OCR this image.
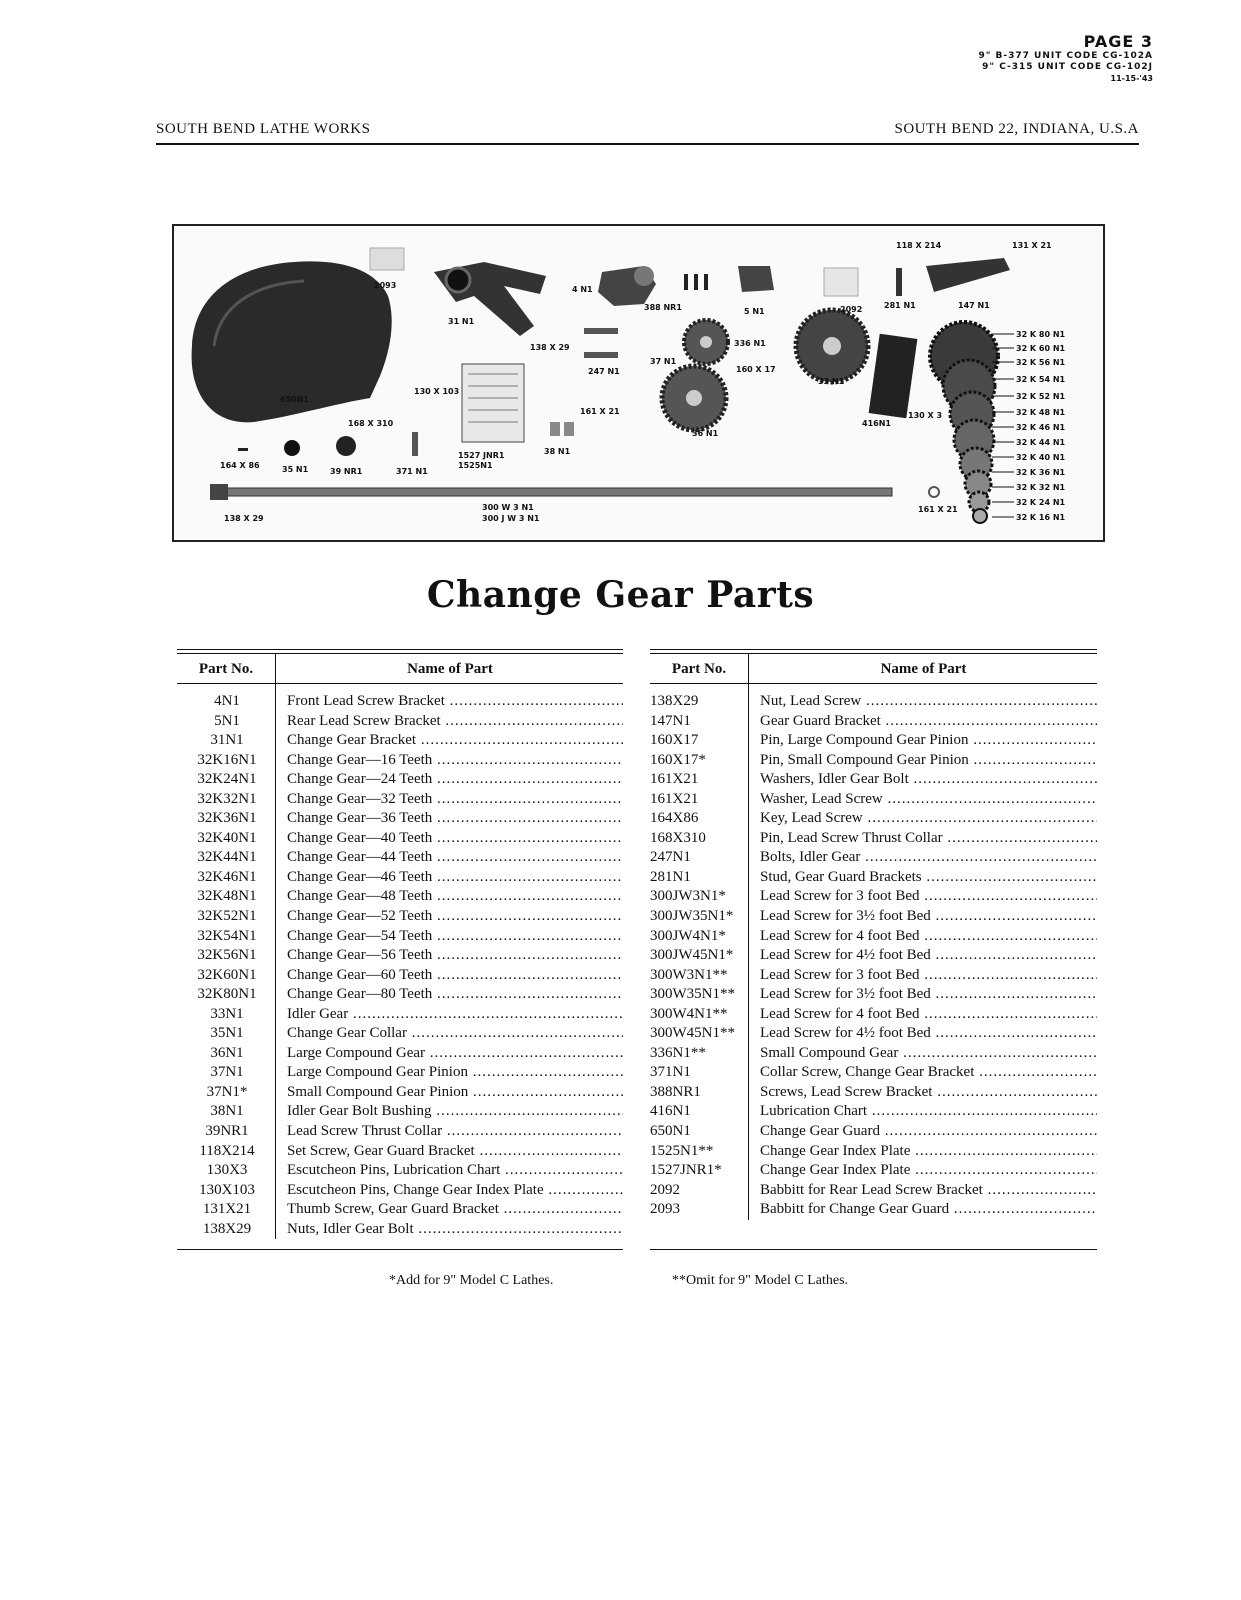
PAGE 3
9" B-377 UNIT CODE CG-102A
9" C-315 UNIT CODE CG-102J
11-15-'43
SOUTH BEND LATHE WORKS	SOUTH BEND 22, INDIANA, U.S.A
2093	4 N1
388 NR1	5 N1	2092
118 X 214
281 N1	147 N1
131 X 21
31 N1
138 X 29
247 N1
336 N1
37 N1
160 X 17
33 N1
650N1
130 X 103
161 X 21
168 X 310
36 N1
416N1
130 X 3
38 N1
1527 JNR1
1525N1
164 X 86	35 N1	39 NR1	371 N1
300 W 3 N1
300 J W 3 N1
138 X 29
161 X 21
32 K 80 N1
32 K 60 N1
32 K 56 N1
32 K 54 N1
32 K 52 N1
32 K 48 N1
32 K 46 N1
32 K 44 N1
32 K 40 N1
32 K 36 N1
32 K 32 N1
32 K 24 N1
32 K 16 N1
Change Gear Parts
Part No.	Name of Part
4N1	Front Lead Screw Bracket .....
5N1	Rear Lead Screw Bracket .....
31N1	Change Gear Bracket .....
32K16N1	Change Gear—16 Teeth .....
32K24N1	Change Gear—24 Teeth .....
32K32N1	Change Gear—32 Teeth .....
32K36N1	Change Gear—36 Teeth .....
32K40N1	Change Gear—40 Teeth .....
32K44N1	Change Gear—44 Teeth .....
32K46N1	Change Gear—46 Teeth .....
32K48N1	Change Gear—48 Teeth .....
32K52N1	Change Gear—52 Teeth .....
32K54N1	Change Gear—54 Teeth .....
32K56N1	Change Gear—56 Teeth .....
32K60N1	Change Gear—60 Teeth .....
32K80N1	Change Gear—80 Teeth .....
33N1	Idler Gear .....
35N1	Change Gear Collar .....
36N1	Large Compound Gear .....
37N1	Large Compound Gear Pinion .....
37N1*	Small Compound Gear Pinion .....
38N1	Idler Gear Bolt Bushing .....
39NR1	Lead Screw Thrust Collar .....
118X214	Set Screw, Gear Guard Bracket .....
130X3	Escutcheon Pins, Lubrication Chart .....
130X103	Escutcheon Pins, Change Gear Index Plate .....
131X21	Thumb Screw, Gear Guard Bracket .....
138X29	Nuts, Idler Gear Bolt .....
Part No.	Name of Part
138X29	Nut, Lead Screw .....
147N1	Gear Guard Bracket .....
160X17	Pin, Large Compound Gear Pinion .....
160X17*	Pin, Small Compound Gear Pinion .....
161X21	Washers, Idler Gear Bolt .....
161X21	Washer, Lead Screw .....
164X86	Key, Lead Screw .....
168X310	Pin, Lead Screw Thrust Collar .....
247N1	Bolts, Idler Gear .....
281N1	Stud, Gear Guard Brackets .....
300JW3N1*	Lead Screw for 3 foot Bed .....
300JW35N1*	Lead Screw for 3½ foot Bed .....
300JW4N1*	Lead Screw for 4 foot Bed .....
300JW45N1*	Lead Screw for 4½ foot Bed .....
300W3N1**	Lead Screw for 3 foot Bed .....
300W35N1** Lead Screw for 3½ foot Bed .....
300W4N1**	Lead Screw for 4 foot Bed .....
300W45N1** Lead Screw for 4½ foot Bed .....
336N1**	Small Compound Gear .....
371N1	Collar Screw, Change Gear Bracket .....
388NR1	Screws, Lead Screw Bracket .....
416N1	Lubrication Chart .....
650N1	Change Gear Guard .....
1525N1**	Change Gear Index Plate .....
1527JNR1*	Change Gear Index Plate .....
2092	Babbitt for Rear Lead Screw Bracket .....
2093	Babbitt for Change Gear Guard .....
*Add for 9" Model C Lathes.	**Omit for 9" Model C Lathes.
